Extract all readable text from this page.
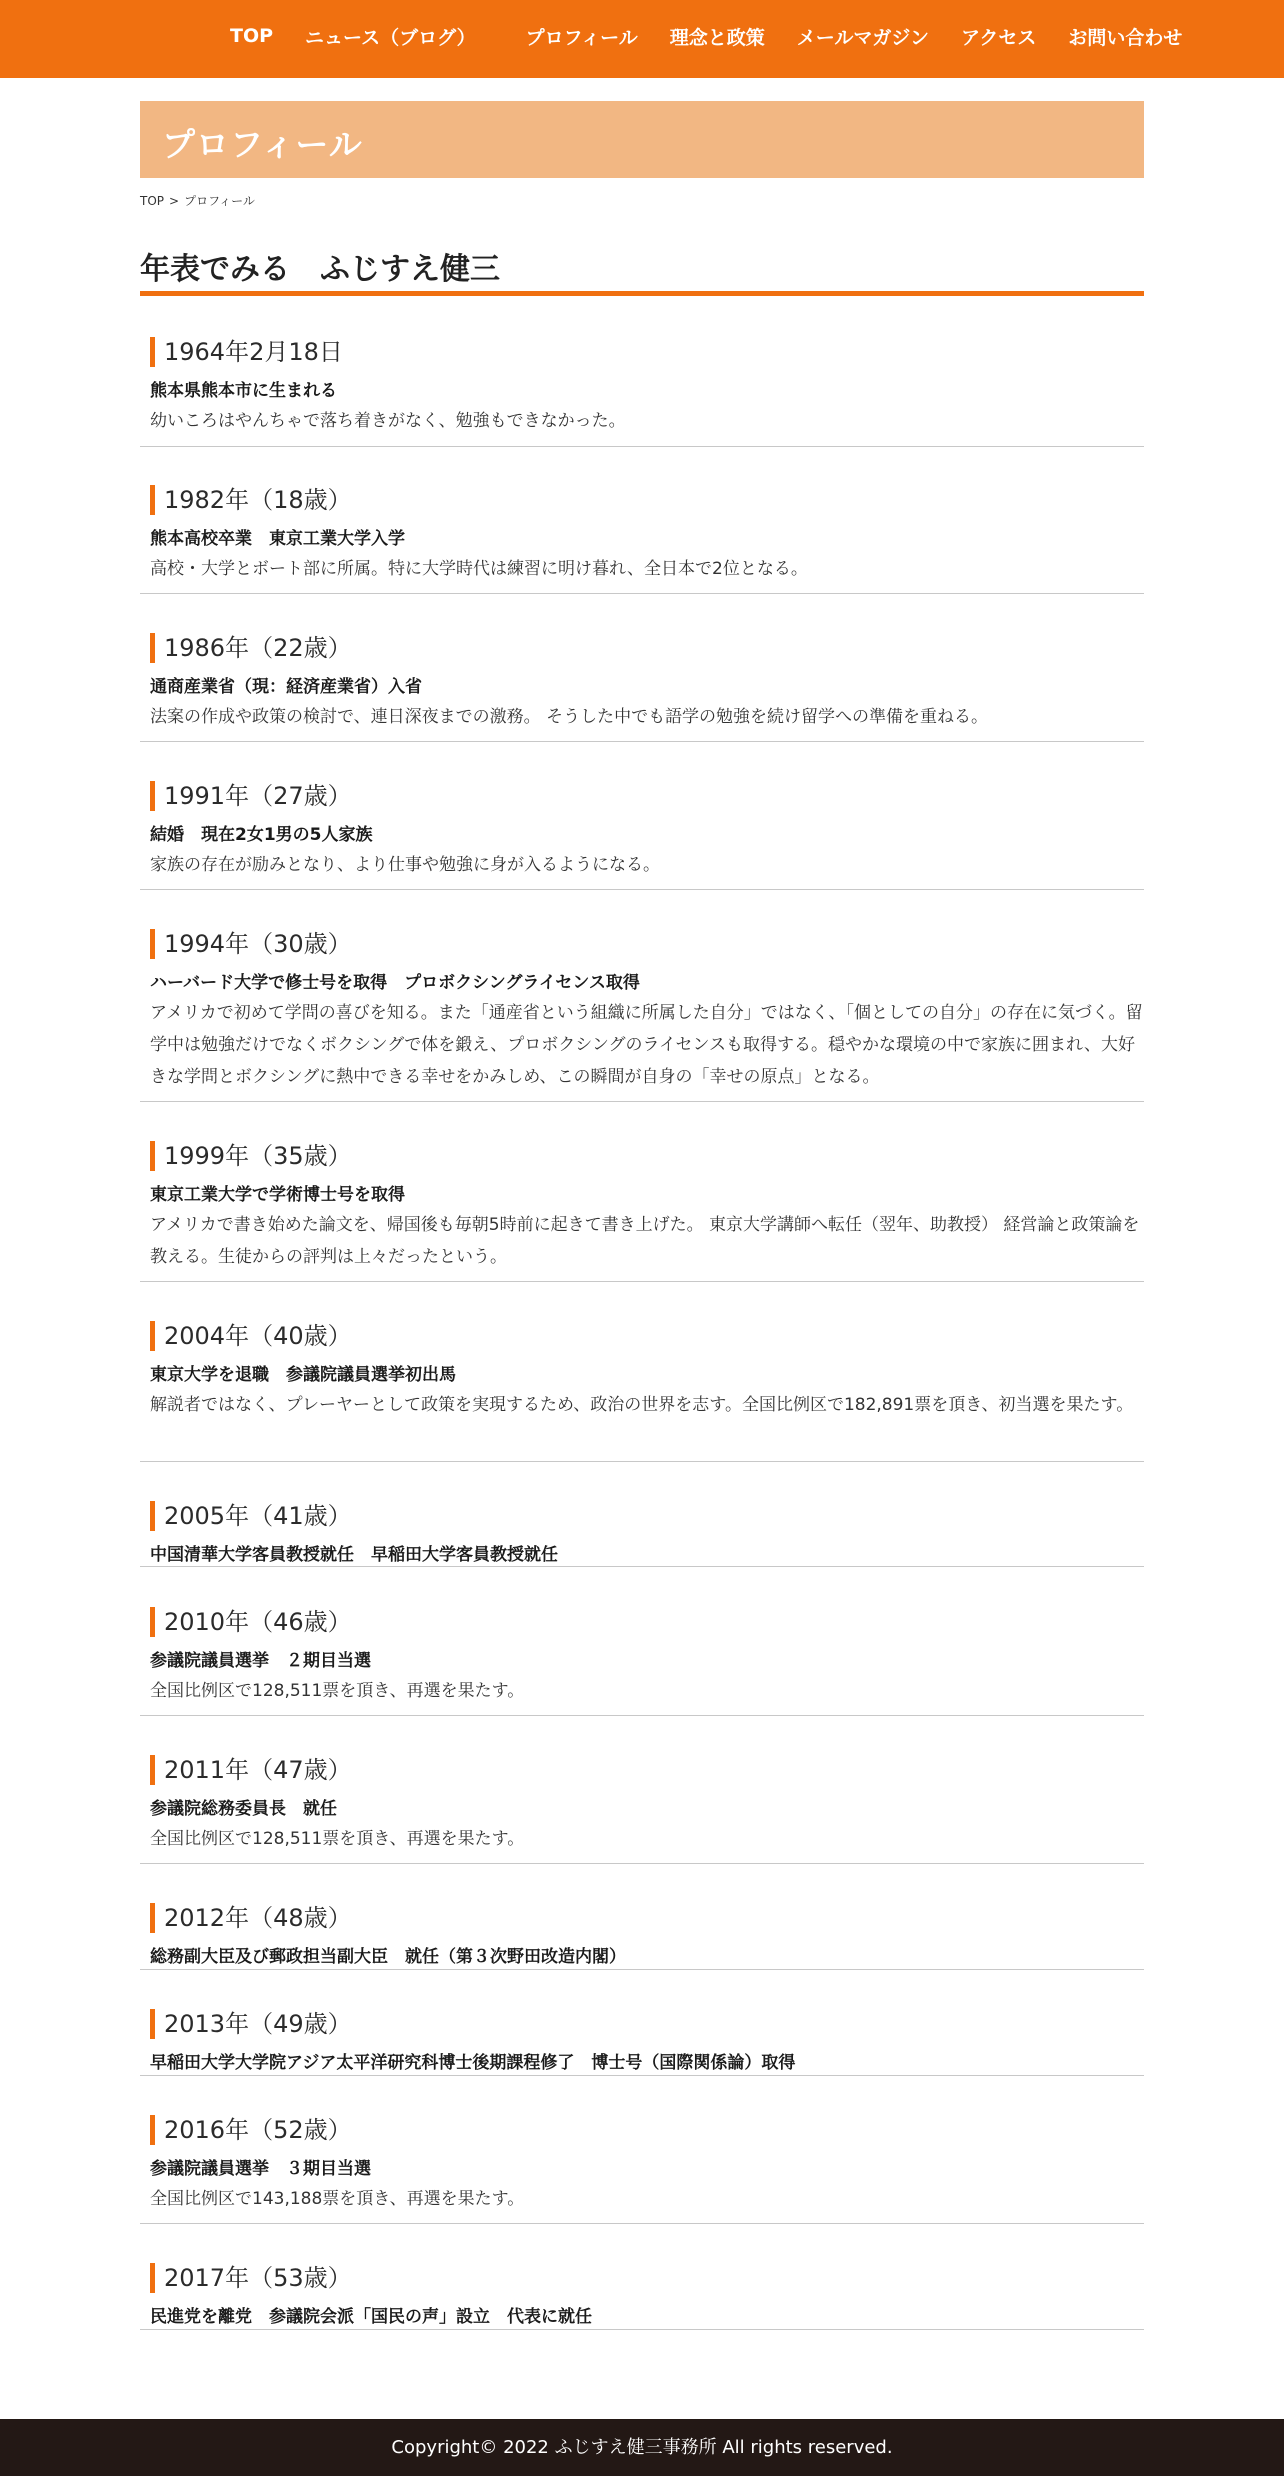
TOP	ニュース（ブログ）	プロフィール	理念と政策	メールマガジン	アクセス	お問い合わせ
プロフィール
TOP > プロフィール
年表でみる　ふじすえ健三
1964年2月18日
熊本県熊本市に生まれる
幼いころはやんちゃで落ち着きがなく、勉強もできなかった。
1982年（18歳）
熊本高校卒業　東京工業大学入学
高校・大学とボート部に所属。特に大学時代は練習に明け暮れ、全日本で2位となる。
1986年（22歳）
通商産業省（現：経済産業省）入省
法案の作成や政策の検討で、連日深夜までの激務。 そうした中でも語学の勉強を続け留学への準備を重ねる。
1991年（27歳）
結婚　現在2女1男の5人家族
家族の存在が励みとなり、より仕事や勉強に身が入るようになる。
1994年（30歳）
ハーバード大学で修士号を取得　プロボクシングライセンス取得
アメリカで初めて学問の喜びを知る。また「通産省という組織に所属した自分」ではなく、「個としての自分」の存在に気づく。留学中は勉強だけでなくボクシングで体を鍛え、プロボクシングのライセンスも取得する。穏やかな環境の中で家族に囲まれ、大好きな学問とボクシングに熱中できる幸せをかみしめ、この瞬間が自身の「幸せの原点」となる。
1999年（35歳）
東京工業大学で学術博士号を取得
アメリカで書き始めた論文を、帰国後も毎朝5時前に起きて書き上げた。 東京大学講師へ転任（翌年、助教授） 経営論と政策論を教える。生徒からの評判は上々だったという。
2004年（40歳）
東京大学を退職　参議院議員選挙初出馬
解説者ではなく、プレーヤーとして政策を実現するため、政治の世界を志す。全国比例区で182,891票を頂き、初当選を果たす。
2005年（41歳）
中国清華大学客員教授就任　早稲田大学客員教授就任
2010年（46歳）
参議院議員選挙　２期目当選
全国比例区で128,511票を頂き、再選を果たす。
2011年（47歳）
参議院総務委員長　就任
全国比例区で128,511票を頂き、再選を果たす。
2012年（48歳）
総務副大臣及び郵政担当副大臣　就任（第３次野田改造内閣）
2013年（49歳）
早稲田大学大学院アジア太平洋研究科博士後期課程修了　博士号（国際関係論）取得
2016年（52歳）
参議院議員選挙　３期目当選
全国比例区で143,188票を頂き、再選を果たす。
2017年（53歳）
民進党を離党　参議院会派「国民の声」設立　代表に就任

Copyright© 2022 ふじすえ健三事務所 All rights reserved.
